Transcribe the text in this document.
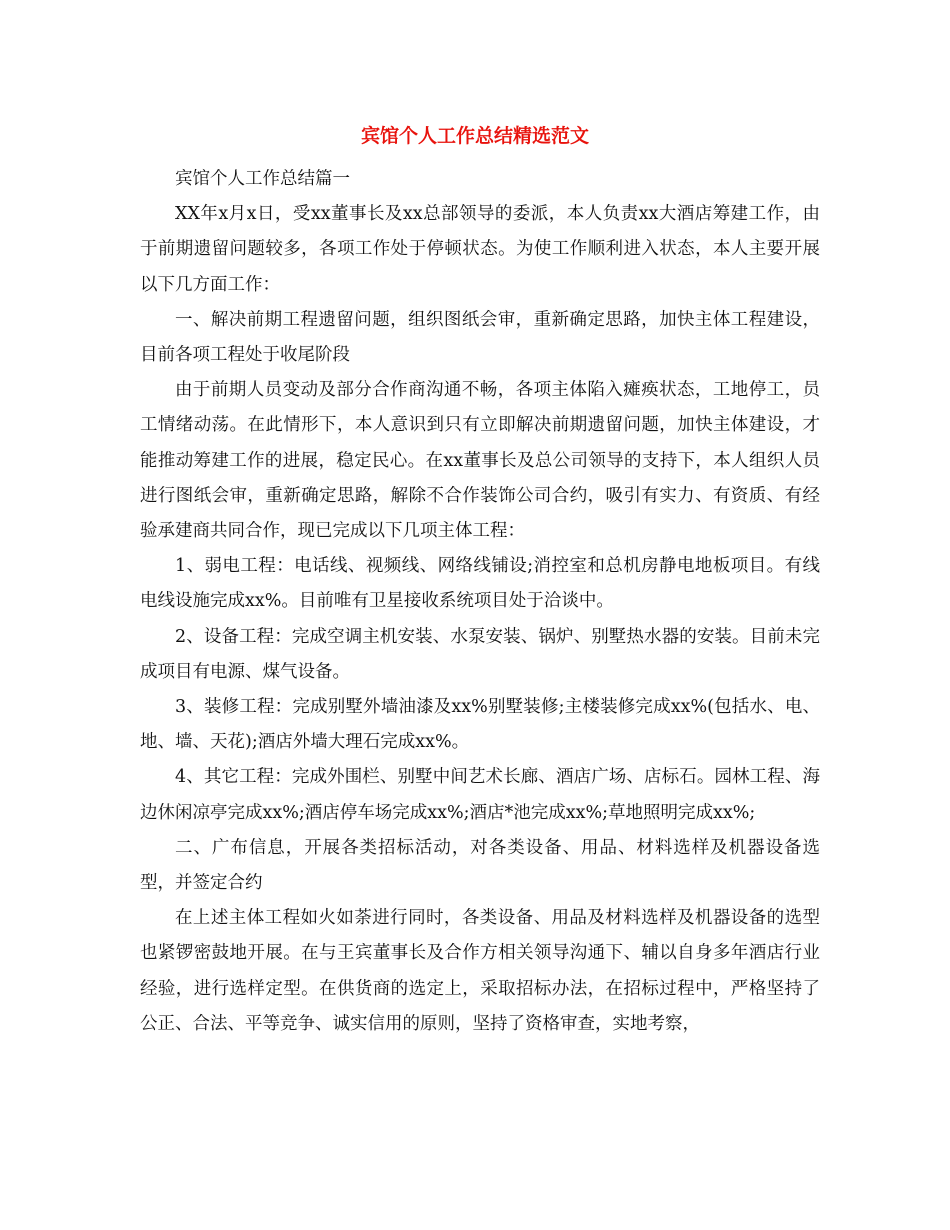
宾馆个人工作总结精选范文

宾馆个人工作总结篇一

XX年x月x日，受xx董事长及xx总部领导的委派，本人负责xx大酒店筹建工作，由于前期遗留问题较多，各项工作处于停顿状态。为使工作顺利进入状态，本人主要开展以下几方面工作：

一、解决前期工程遗留问题，组织图纸会审，重新确定思路，加快主体工程建设，目前各项工程处于收尾阶段

由于前期人员变动及部分合作商沟通不畅，各项主体陷入瘫痪状态，工地停工，员工情绪动荡。在此情形下，本人意识到只有立即解决前期遗留问题，加快主体建设，才能推动筹建工作的进展，稳定民心。在xx董事长及总公司领导的支持下，本人组织人员进行图纸会审，重新确定思路，解除不合作装饰公司合约，吸引有实力、有资质、有经验承建商共同合作，现已完成以下几项主体工程：

1、弱电工程：电话线、视频线、网络线铺设;消控室和总机房静电地板项目。有线电线设施完成xx%。目前唯有卫星接收系统项目处于洽谈中。

2、设备工程：完成空调主机安装、水泵安装、锅炉、别墅热水器的安装。目前未完成项目有电源、煤气设备。

3、装修工程：完成别墅外墙油漆及xx%别墅装修;主楼装修完成xx%(包括水、电、地、墙、天花);酒店外墙大理石完成xx%。

4、其它工程：完成外围栏、别墅中间艺术长廊、酒店广场、店标石。园林工程、海边休闲凉亭完成xx%;酒店停车场完成xx%;酒店*池完成xx%;草地照明完成xx%;

二、广布信息，开展各类招标活动，对各类设备、用品、材料选样及机器设备选型，并签定合约

在上述主体工程如火如荼进行同时，各类设备、用品及材料选样及机器设备的选型也紧锣密鼓地开展。在与王宾董事长及合作方相关领导沟通下、辅以自身多年酒店行业经验，进行选样定型。在供货商的选定上，采取招标办法，在招标过程中，严格坚持了公正、合法、平等竞争、诚实信用的原则，坚持了资格审查，实地考察，
